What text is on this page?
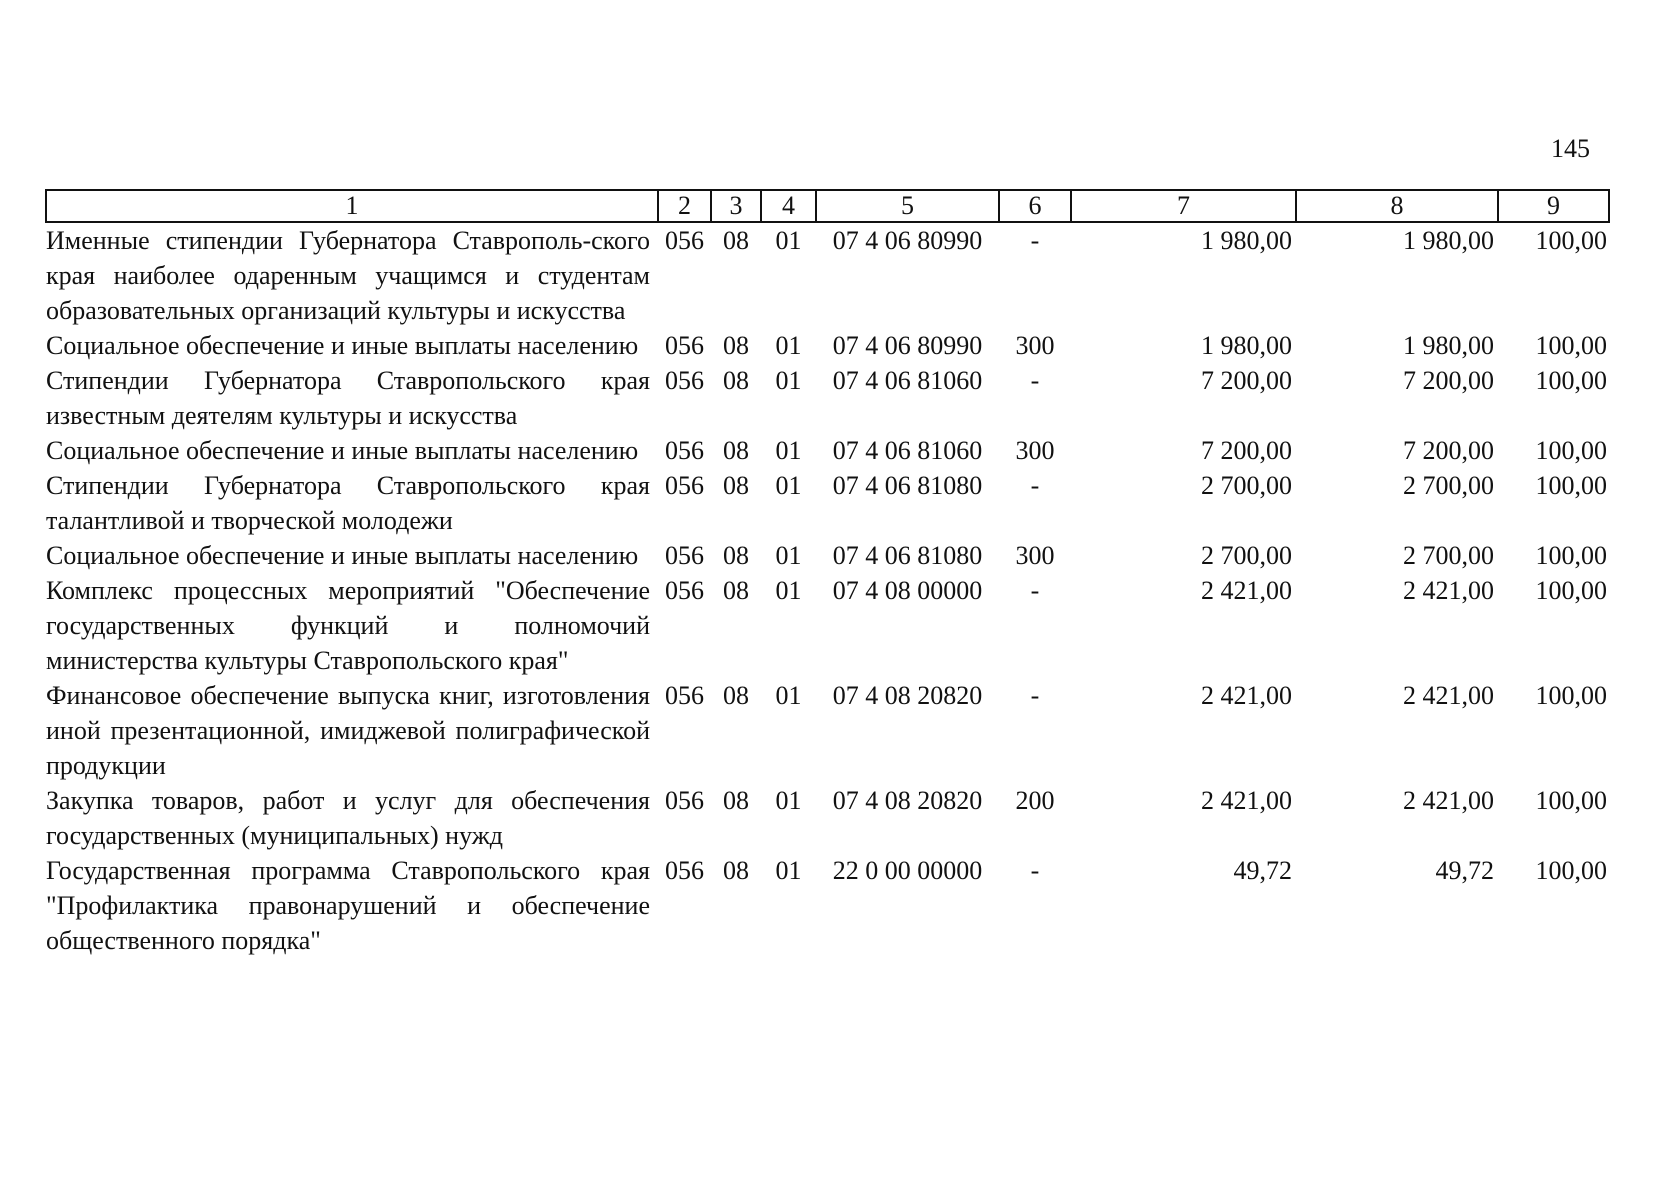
145
1	2	3	4	5	6	7	8	9
Именные стипендии Губернатора Ставрополь-ского края наиболее одаренным учащимся и студентам образовательных организаций культуры и искусства	056	08	01	07 4 06 80990	-	1 980,00	1 980,00	100,00
Социальное обеспечение и иные выплаты населению	056	08	01	07 4 06 80990	300	1 980,00	1 980,00	100,00
Стипендии Губернатора Ставропольского края известным деятелям культуры и искусства	056	08	01	07 4 06 81060	-	7 200,00	7 200,00	100,00
Социальное обеспечение и иные выплаты населению	056	08	01	07 4 06 81060	300	7 200,00	7 200,00	100,00
Стипендии Губернатора Ставропольского края талантливой и творческой молодежи	056	08	01	07 4 06 81080	-	2 700,00	2 700,00	100,00
Социальное обеспечение и иные выплаты населению	056	08	01	07 4 06 81080	300	2 700,00	2 700,00	100,00
Комплекс процессных мероприятий "Обеспечение государственных функций и полномочий министерства культуры Ставропольского края"	056	08	01	07 4 08 00000	-	2 421,00	2 421,00	100,00
Финансовое обеспечение выпуска книг, изготовления иной презентационной, имиджевой полиграфической продукции	056	08	01	07 4 08 20820	-	2 421,00	2 421,00	100,00
Закупка товаров, работ и услуг для обеспечения государственных (муниципальных) нужд	056	08	01	07 4 08 20820	200	2 421,00	2 421,00	100,00
Государственная программа Ставропольского края "Профилактика правонарушений и обеспечение общественного порядка"	056	08	01	22 0 00 00000	-	49,72	49,72	100,00
